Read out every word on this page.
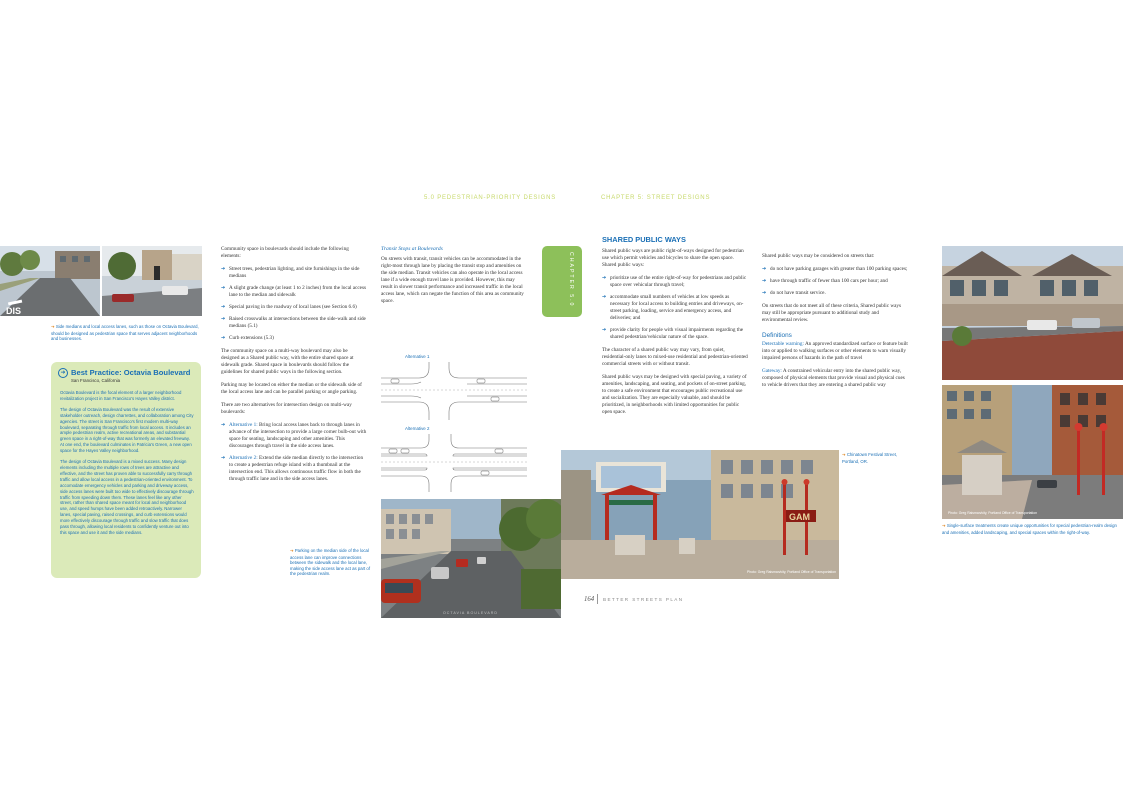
5.0 PEDESTRIAN-PRIORITY DESIGNS	CHAPTER 5: STREET DESIGNS
DIS
➔ Side medians and local access lanes, such as those on Octavia Boulevard, should be designed as pedestrian space that serves adjacent neighborhoods and businesses.
➜ Best Practice: Octavia Boulevard
San Francisco, California

Octavia Boulevard is the focal element of a larger neighborhood revitalization project in San Francisco's Hayes Valley district.

The design of Octavia Boulevard was the result of extensive stakeholder outreach, design charrettes, and collaboration among City agencies. The street is San Francisco's first modern multi-way boulevard, separating through traffic from local access. It includes an ample pedestrian realm, active recreational areas, and substantial green space in a right-of-way that was formerly an elevated freeway. At one end, the boulevard culminates in Patricia's Green, a new open space for the Hayes Valley neighborhood.

The design of Octavia Boulevard is a mixed success. Many design elements including the multiple rows of trees are attractive and effective, and the street has proven able to successfully carry through traffic and allow local access in a pedestrian-oriented environment. To accomodate emergency vehicles and parking and driveway access, side access lanes were built too wide to effectively discourage through traffic from speeding down them. These lanes feel like any other street, rather than shared space meant for local and neighborhood use, and speed humps have been added retroactively. Narrower lanes, special paving, raised crossings, and curb extensions would more effectively discourage through traffic and slow traffic that does pass through, allowing local residents to confidently venture out into this space and use it and the side medians.

Community space in boulevards should include the following elements:

➔ Street trees, pedestrian lighting, and site furnishings in the side medians
➔ A slight grade change (at least 1 to 2 inches) from the local access lane to the median and sidewalk
➔ Special paving in the roadway of local lanes (see Section 6.6)
➔ Raised crosswalks at intersections between the side-walk and side medians (5.1)
➔ Curb extensions (5.3)

The community space on a multi-way boulevard may also be designed as a Shared public way, with the entire shared space at sidewalk grade. Shared space in boulevards should follow the guidelines for shared public ways in the following section.

Parking may be located on either the median or the sidewalk side of the local access lane and can be parallel parking or angle parking.

There are two alternatives for intersection design on multi-way boulevards:

➔ Alternative 1: Bring local access lanes back to through lanes in advance of the intersection to provide a large corner bulb-out with space for seating, landscaping and other amenities. This discourages through travel in the side access lanes.
➔ Alternative 2: Extend the side median directly to the intersection to create a pedestrian refuge island with a thumbnail at the intersection end. This allows continuous traffic flow in both the through traffic lane and in the side access lanes.
Transit Stops at Boulevards

On streets with transit, transit vehicles can be accommodated in the right-most through lane by placing the transit stop and amenities on the side median. Transit vehicles can also operate in the local access lane if a wide enough travel lane is provided. However, this may result in slower transit performance and increased traffic in the local access lane, which can negate the function of this area as community space.

Alternative 1
Alternative 2
➔ Parking on the median side of the local access lane can improve connections between the sidewalk and the local lane, making the side access lane act as part of the pedestrian realm.
OCTAVIA BOULEVARD
CHAPTER 5.0
SHARED PUBLIC WAYS

Shared public ways are public right-of-ways designed for pedestrian use which permit vehicles and bicycles to share the open space. Shared public ways:

➔ prioritize use of the entire right-of-way for pedestrians and public space over vehicular through travel;
➔ accommodate small numbers of vehicles at low speeds as necessary for local access to building entries and driveways, on-street parking, loading, service and emergency access, and deliveries; and
➔ provide clarity for people with visual impairments regarding the shared pedestrian/vehicular nature of the space.

The character of a shared public way may vary, from quiet, residential-only lanes to mixed-use residential and pedestrian-oriented commercial streets with or without transit.

Shared public ways may be designed with special paving, a variety of amenities, landscaping, and seating, and pockets of on-street parking, to create a safe environment that encourages public recreational use and socialization. They are especially valuable, and should be prioritized, in neighborhoods with limited opportunities for public open space.

Shared public ways may be considered on streets that:

➔ do not have parking garages with greater than 100 parking spaces;
➔ have through traffic of fewer than 100 cars per hour; and
➔ do not have transit service.

On streets that do not meet all of these criteria, Shared public ways may still be appropriate pursuant to additional study and environmental review.

Definitions

Detectable warning: An approved standardized surface or feature built into or applied to walking surfaces or other elements to warn visually impaired persons of hazards in the path of travel

Gateway: A constrained vehicular entry into the shared public way, composed of physical elements that provide visual and physical cues to vehicle drivers that they are entering a shared public way

GAM
Photo: Greg Raisman/city, Portland Office of Transportation
➔ Chinatown Festival Street, Portland, OR.
Photo: Greg Raisman/city, Portland Office of Transportation
➔ Single-surface treatments create unique opportunities for special pedestrian-realm design and amenities, added landscaping, and special spaces within the right-of-way.
164 BETTER STREETS PLAN
